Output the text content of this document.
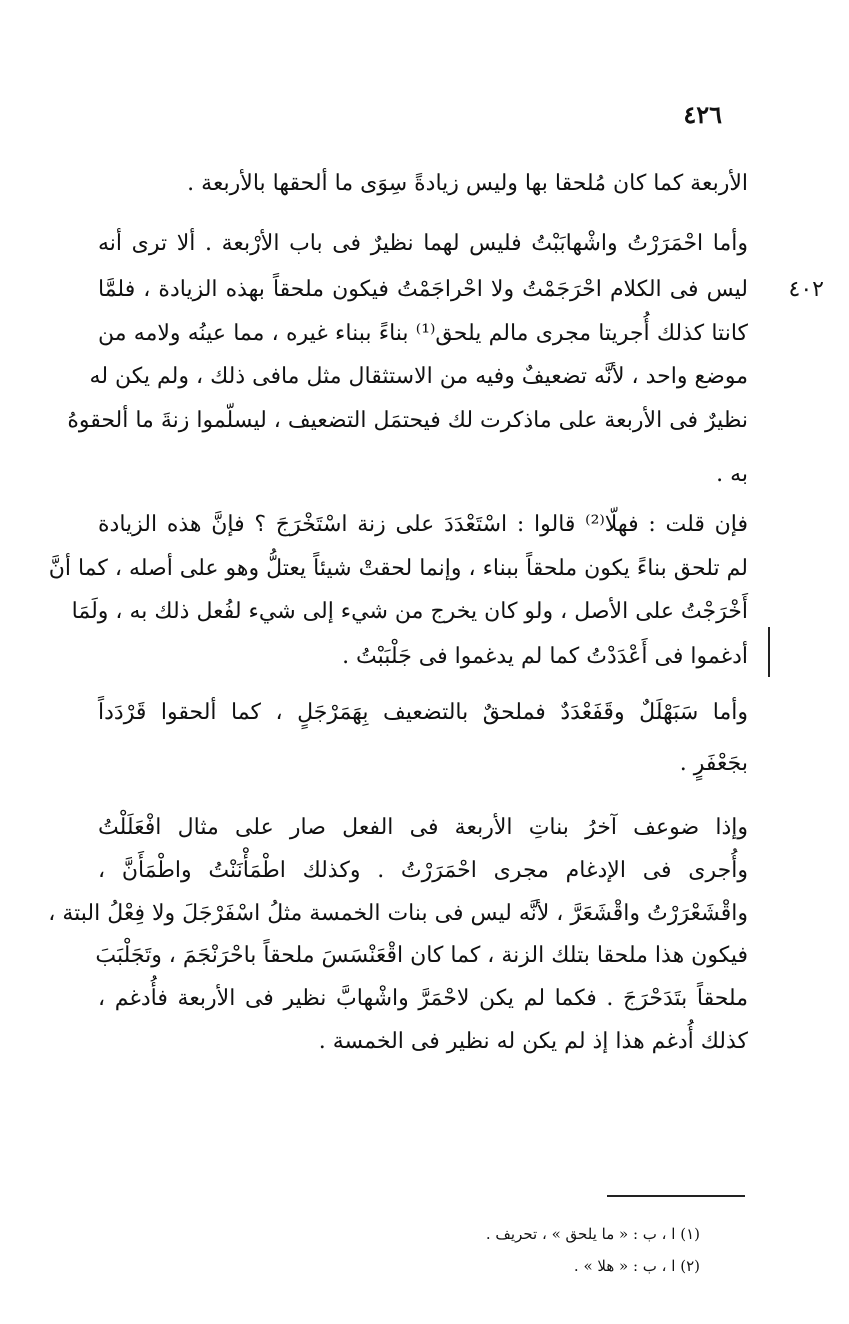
٤٢٦
٤٠٢
الأربعة كما كان مُلحقا بها وليس زيادةً سِوَى ما ألحقها بالأربعة .
وأما احْمَرَرْتُ واشْهابَبْتُ فليس لهما نظيرٌ فى باب الأرْبعة . ألا ترى أنه
ليس فى الكلام احْرَجَمْتُ ولا احْراجَمْتُ فيكون ملحقاً بهذه الزيادة ، فلمَّا
كانتا كذلك أُجريتا مجرى مالم يلحق⁽¹⁾ بناءً ببناء غيره ، مما عينُه ولامه من
موضع واحد ، لأنَّه تضعيفٌ وفيه من الاستثقال مثل مافى ذلك ، ولم يكن له
نظيرٌ فى الأربعة على ماذكرت لك فيحتمَل التضعيف ، ليسلّموا زنةَ ما ألحقوهُ
به .
فإن قلت : فهلّا⁽²⁾ قالوا : اسْتَعْدَدَ على زنة اسْتَخْرَجَ ؟ فإنَّ هذه الزيادة
لم تلحق بناءً يكون ملحقاً ببناء ، وإنما لحقتْ شيئاً يعتلُّ وهو على أصله ، كما أنَّ
أَخْرَجْتُ على الأصل ، ولو كان يخرج من شيء إلى شيء لفُعل ذلك به ، ولَمَا
أدغموا فى أَعْدَدْتُ كما لم يدغموا فى جَلْبَبْتُ .
وأما سَبَهْلَلٌ وقَفَعْدَدٌ فملحقٌ بالتضعيف بِهَمَرْجَلٍ ، كما ألحقوا قَرْدَداً
بجَعْفَرٍ .
وإذا ضوعف آخرُ بناتِ الأربعة فى الفعل صار على مثال افْعَلَلْتُ
وأُجرى فى الإدغام مجرى احْمَرَرْتُ . وكذلك اطْمَأْنَنْتُ واطْمَأَنَّ ،
واقْشَعْرَرْتُ واقْشَعَرَّ ، لأنَّه ليس فى بنات الخمسة مثلُ اسْفَرْجَلَ ولا فِعْلُ البتة ،
فيكون هذا ملحقا بتلك الزنة ، كما كان اقْعَنْسَسَ ملحقاً باحْرَنْجَمَ ، وتَجَلْبَبَ
ملحقاً بتَدَحْرَجَ . فكما لم يكن لاحْمَرَّ واشْهابَّ نظير فى الأربعة فأُدغم ،
كذلك أُدغم هذا إذ لم يكن له نظير فى الخمسة .
(١) ا ، ب : « ما يلحق » ، تحريف .
(٢) ا ، ب : « هلا » .
